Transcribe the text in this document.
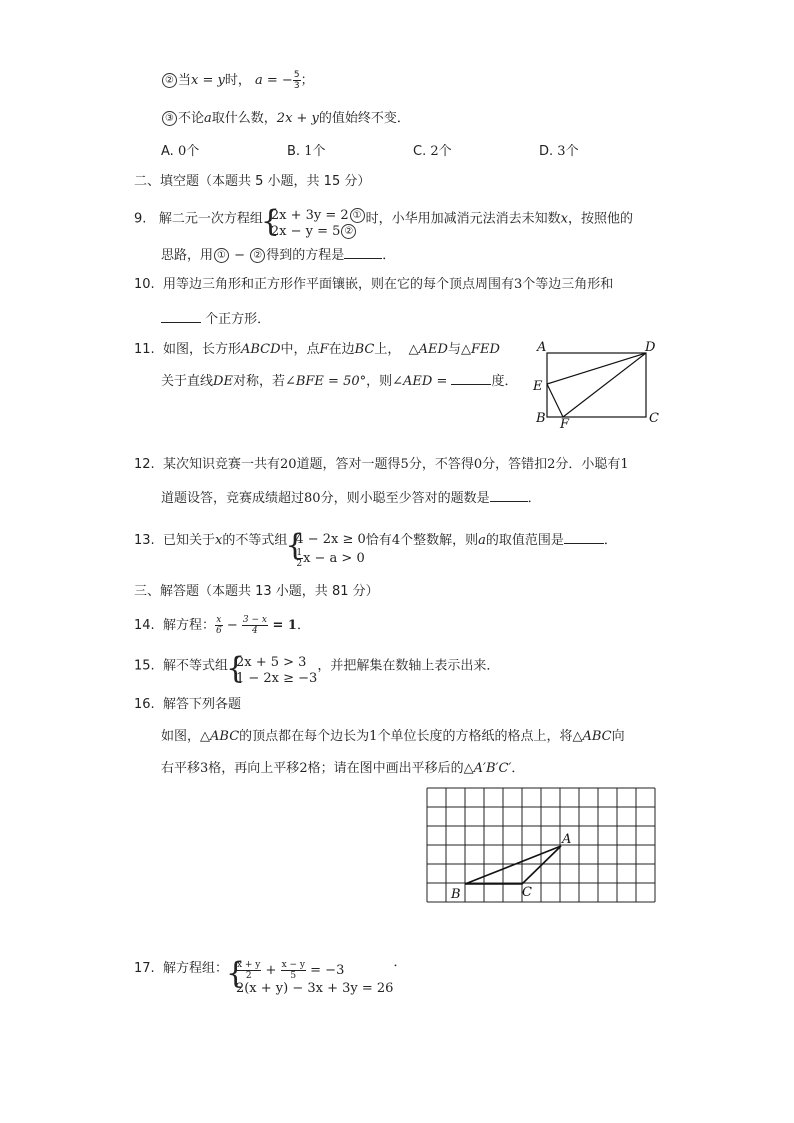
② 当x = y时， a = − $\frac{5}{3}$ ；
③ 不论a取什么数，2x + y的值始终不变．
A. 0个	B. 1个	C. 2个	D. 3个
二、填空题（本题共 5 小题，共 15 分）
9. 解二元一次方程组 { 2x + 3y = 2 ①
2x − y = 5 ②
时，小华用加减消元法消去未知数x，按照他的
思路，用 ① − ② 得到的方程是	．
10. 用等边三角形和正方形作平面镶嵌，则在它的每个顶点周围有3个等边三角形和
个正方形．
11. 如图，长方形ABCD中，点F在边BC上， △AED与△FED
关于直线DE对称，若∠BFE = 50°，则∠AED =	度．
A	D
E
B F	C
12. 某次知识竞赛一共有20道题，答对一题得5分，不答得0分，答错扣2分．小聪有1
道题设答，竞赛成绩超过80分，则小聪至少答对的题数是	．
13. 已知关于x的不等式组 { 4 − 2x ≥ 0
$\frac{1}{2}$ x − a > 0
恰有4个整数解，则a的取值范围是	．
三、解答题（本题共 13 小题，共 81 分）
14. 解方程： $\frac{x}{6} - \frac{3 - x}{4} = 1$．
15. 解不等式组 { 2x + 5 > 3
1 − 2x ≥ −3
，并把解集在数轴上表示出来．
16. 解答下列各题
如图，△ABC的顶点都在每个边长为1个单位长度的方格纸的格点上，将△ABC向
右平移3格，再向上平移2格；请在图中画出平移后的△A′B′C′．
A
B	C
17. 解方程组： { $\frac{x + y}{2} + \frac{x - y}{5} = -3$
2(x + y) − 3x + 3y = 26
．
